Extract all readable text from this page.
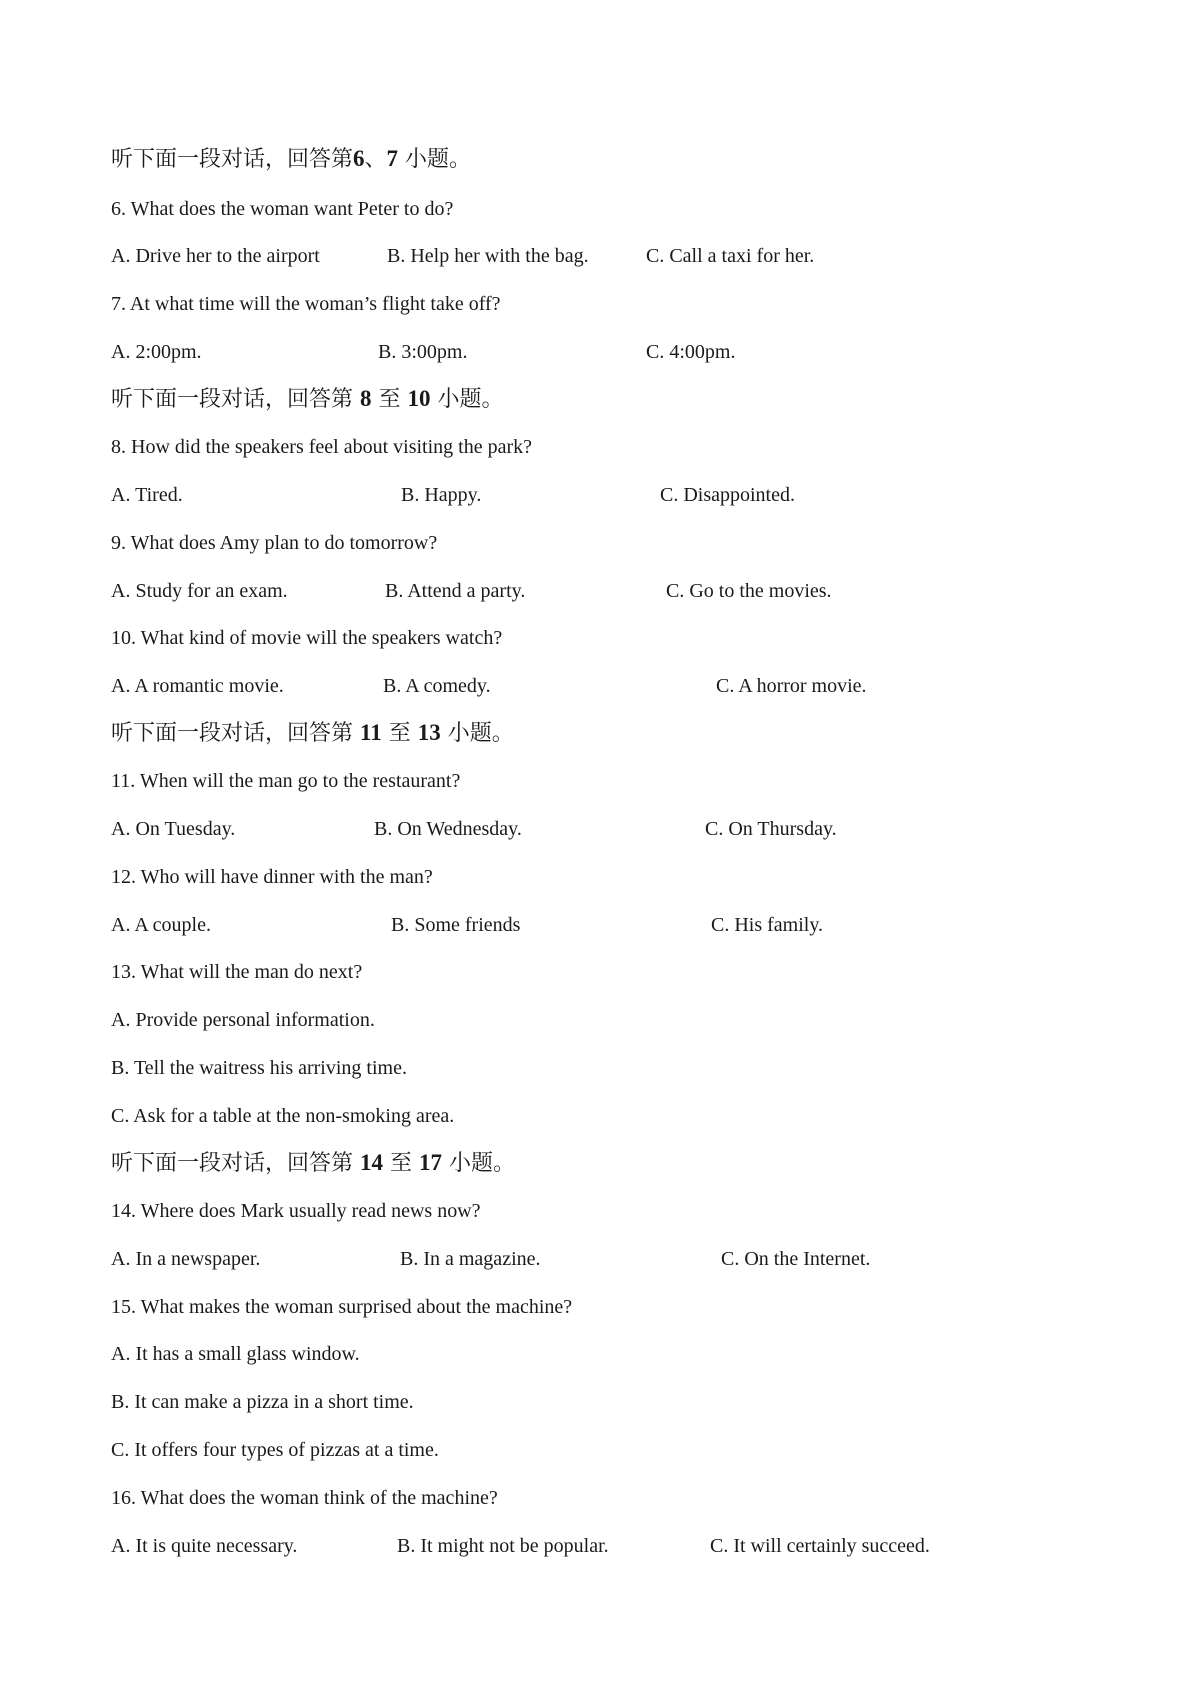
听下面一段对话，回答第6、7 小题。
6. What does the woman want Peter to do?
A. Drive her to the airport	B. Help her with the bag.	C. Call a taxi for her.
7. At what time will the woman’s flight take off?
A. 2:00pm.	B. 3:00pm.	C. 4:00pm.
听下面一段对话，回答第 8 至 10 小题。
8. How did the speakers feel about visiting the park?
A. Tired.	B. Happy.	C. Disappointed.
9. What does Amy plan to do tomorrow?
A. Study for an exam.	B. Attend a party.	C. Go to the movies.
10. What kind of movie will the speakers watch?
A. A romantic movie.	B. A comedy.	C. A horror movie.
听下面一段对话，回答第 11 至 13 小题。
11. When will the man go to the restaurant?
A. On Tuesday.	B. On Wednesday.	C. On Thursday.
12. Who will have dinner with the man?
A. A couple.	B. Some friends	C. His family.
13. What will the man do next?
A. Provide personal information.
B. Tell the waitress his arriving time.
C. Ask for a table at the non-smoking area.
听下面一段对话，回答第 14 至 17 小题。
14. Where does Mark usually read news now?
A. In a newspaper.	B. In a magazine.	C. On the Internet.
15. What makes the woman surprised about the machine?
A. It has a small glass window.
B. It can make a pizza in a short time.
C. It offers four types of pizzas at a time.
16. What does the woman think of the machine?
A. It is quite necessary.	B. It might not be popular.	C. It will certainly succeed.
